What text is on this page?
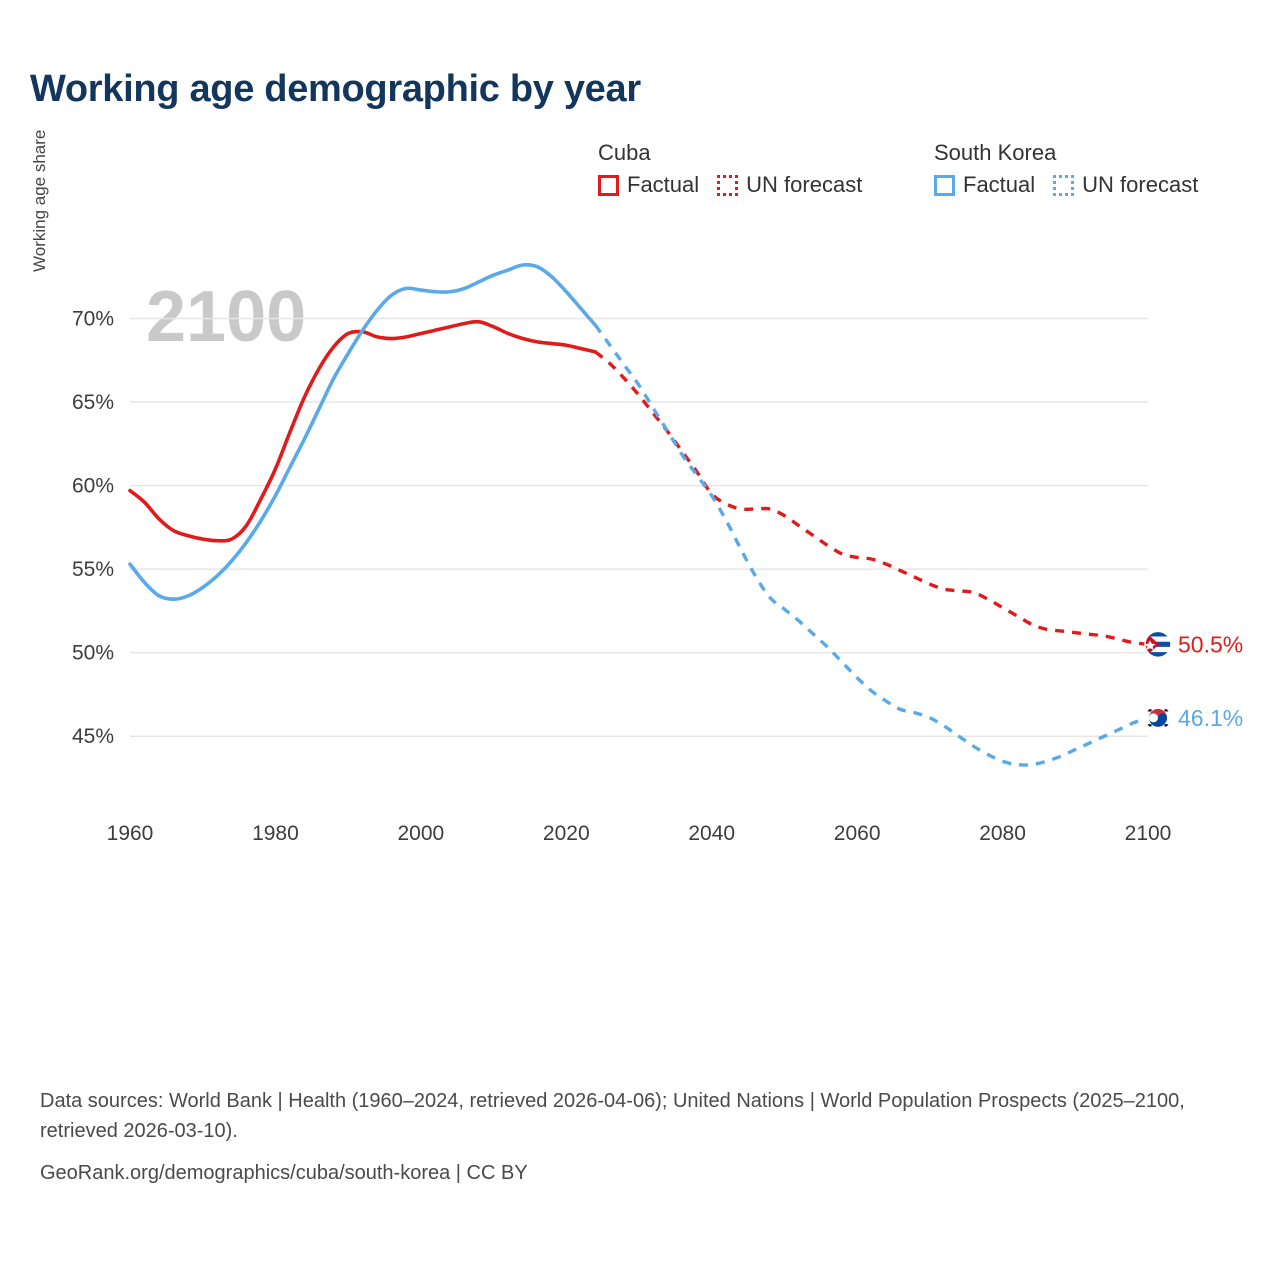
Working age demographic by year
Cuba
Factual UN forecast
South Korea
Factual UN forecast
Working age share
2100
45%
50%
55%
60%
65%
70%
1960	1980	2000	2020	2040	2060	2080	2100
50.5%
46.1%
Data sources: World Bank | Health (1960–2024, retrieved 2026-04-06); United Nations | World Population Prospects (2025–2100, retrieved 2026-03-10).
GeoRank.org/demographics/cuba/south-korea | CC BY
